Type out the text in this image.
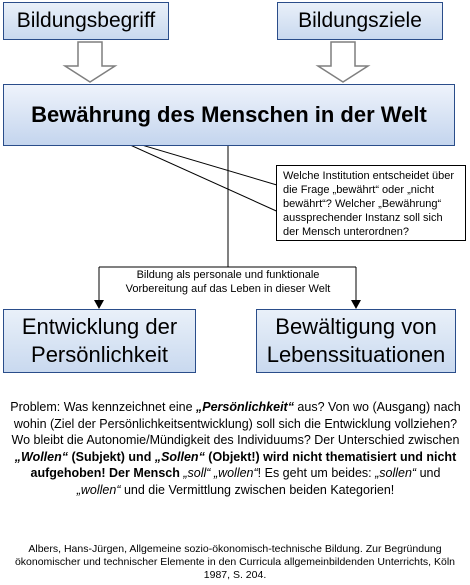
Bildungsbegriff	Bildungsziele
Bewährung des Menschen in der Welt
Welche Institution entscheidet über die Frage „bewährt“ oder „nicht bewährt“? Welcher „Bewährung“ aussprechender Instanz soll sich der Mensch unterordnen?
Bildung als personale und funktionale
Vorbereitung auf das Leben in dieser Welt
Entwicklung der Persönlichkeit
Bewältigung von Lebenssituationen
Problem: Was kennzeichnet eine „Persönlichkeit“ aus? Von wo (Ausgang) nach wohin (Ziel der Persönlichkeitsentwicklung) soll sich die Entwicklung vollziehen? Wo bleibt die Autonomie/Mündigkeit des Individuums? Der Unterschied zwischen „Wollen“ (Subjekt) und „Sollen“ (Objekt!) wird nicht thematisiert und nicht aufgehoben! Der Mensch „soll“ „wollen“! Es geht um beides: „sollen“ und „wollen“ und die Vermittlung zwischen beiden Kategorien!
Albers, Hans-Jürgen, Allgemeine sozio-ökonomisch-technische Bildung. Zur Begründung ökonomischer und technischer Elemente in den Curricula allgemeinbildenden Unterrichts, Köln 1987, S. 204.
